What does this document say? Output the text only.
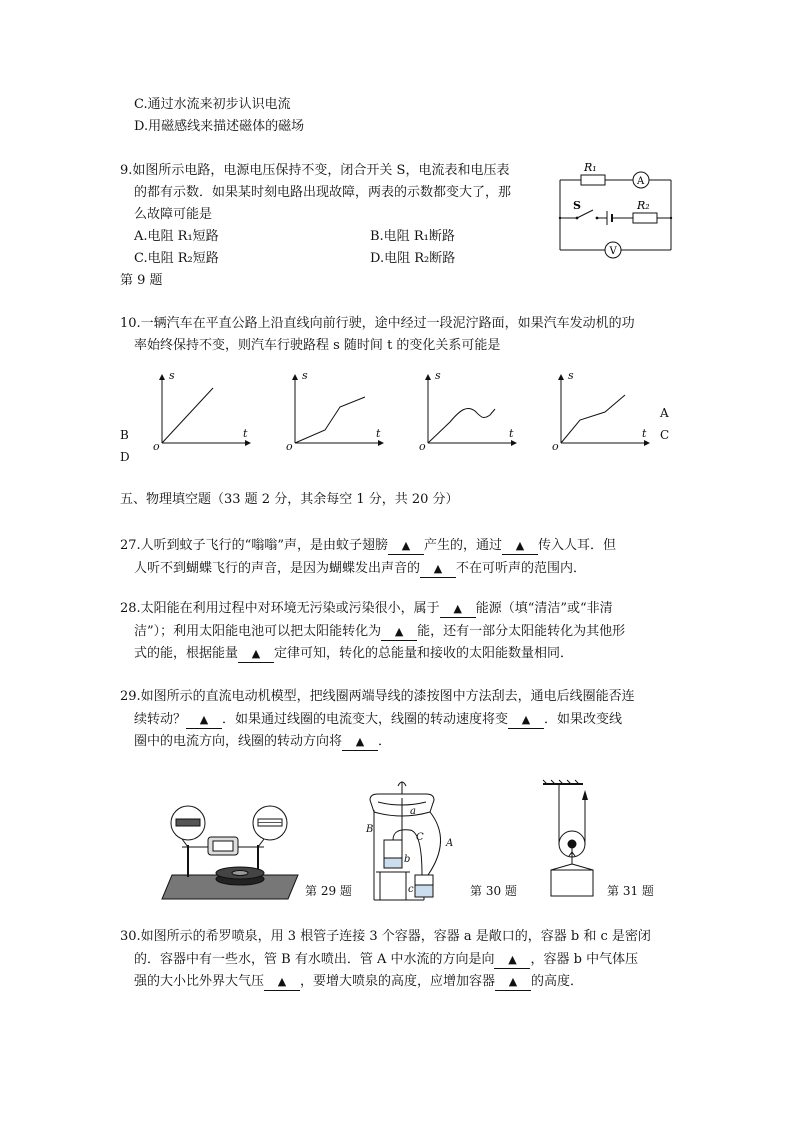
C.通过水流来初步认识电流
D.用磁感线来描述磁体的磁场
9.如图所示电路，电源电压保持不变，闭合开关 S，电流表和电压表
的都有示数．如果某时刻电路出现故障，两表的示数都变大了，那
么故障可能是
A.电阻 R₁短路	B.电阻 R₁断路
C.电阻 R₂短路	D.电阻 R₂断路
第 9 题
R₁
A
S	R₂
V
10.一辆汽车在平直公路上沿直线向前行驶，途中经过一段泥泞路面，如果汽车发动机的功
率始终保持不变，则汽车行驶路程 s 随时间 t 的变化关系可能是
s
t
o
s
t
o
s
t
o
s
t
o
B
D
A
C
五、物理填空题（33 题 2 分，其余每空 1 分，共 20 分）
27.人听到蚊子飞行的“嗡嗡”声，是由蚊子翅膀 ▲ 产生的，通过 ▲ 传入人耳．但
人听不到蝴蝶飞行的声音，是因为蝴蝶发出声音的 ▲ 不在可听声的范围内．
28.太阳能在利用过程中对环境无污染或污染很小，属于 ▲ 能源（填“清洁”或“非清
洁”）；利用太阳能电池可以把太阳能转化为 ▲ 能，还有一部分太阳能转化为其他形
式的能，根据能量 ▲ 定律可知，转化的总能量和接收的太阳能数量相同．
29.如图所示的直流电动机模型，把线圈两端导线的漆按图中方法刮去，通电后线圈能否连
续转动？ ▲ ．如果通过线圈的电流变大，线圈的转动速度将变 ▲ ．如果改变线
圈中的电流方向，线圈的转动方向将 ▲ ．
第 29 题
a
B
C
A
b
c	第 30 题	第 31 题
30.如图所示的希罗喷泉，用 3 根管子连接 3 个容器，容器 a 是敞口的，容器 b 和 c 是密闭
的．容器中有一些水，管 B 有水喷出．管 A 中水流的方向是向 ▲ ，容器 b 中气体压
强的大小比外界大气压 ▲ ，要增大喷泉的高度，应增加容器 ▲ 的高度．
